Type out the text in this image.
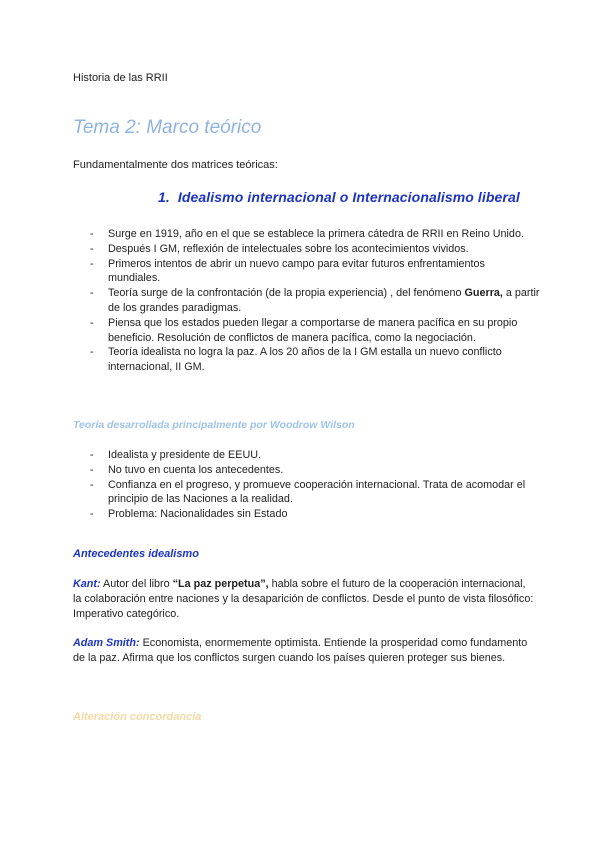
Historia de las RRII
Tema 2: Marco teórico
Fundamentalmente dos matrices teóricas:
1. Idealismo internacional o Internacionalismo liberal
- Surge en 1919, año en el que se establece la primera cátedra de RRII en Reino Unido.
- Después I GM, reflexión de intelectuales sobre los acontecimientos vividos.
- Primeros intentos de abrir un nuevo campo para evitar futuros enfrentamientos mundiales.
- Teoría surge de la confrontación (de la propia experiencia) , del fenómeno Guerra, a partir de los grandes paradigmas.
- Piensa que los estados pueden llegar a comportarse de manera pacífica en su propio beneficio. Resolución de conflictos de manera pacífica, como la negociación.
- Teoría idealista no logra la paz. A los 20 años de la I GM estalla un nuevo conflicto internacional, II GM.
Teoría desarrollada principalmente por Woodrow Wilson
- Idealista y presidente de EEUU.
- No tuvo en cuenta los antecedentes.
- Confianza en el progreso, y promueve cooperación internacional. Trata de acomodar el principio de las Naciones a la realidad.
- Problema: Nacionalidades sin Estado
Antecedentes idealismo
Kant: Autor del libro “La paz perpetua”, habla sobre el futuro de la cooperación internacional, la colaboración entre naciones y la desaparición de conflictos. Desde el punto de vista filosófico: Imperativo categórico.
Adam Smith: Economista, enormemente optimista. Entiende la prosperidad como fundamento de la paz. Afirma que los conflictos surgen cuando los países quieren proteger sus bienes.
Alteración concordancia
